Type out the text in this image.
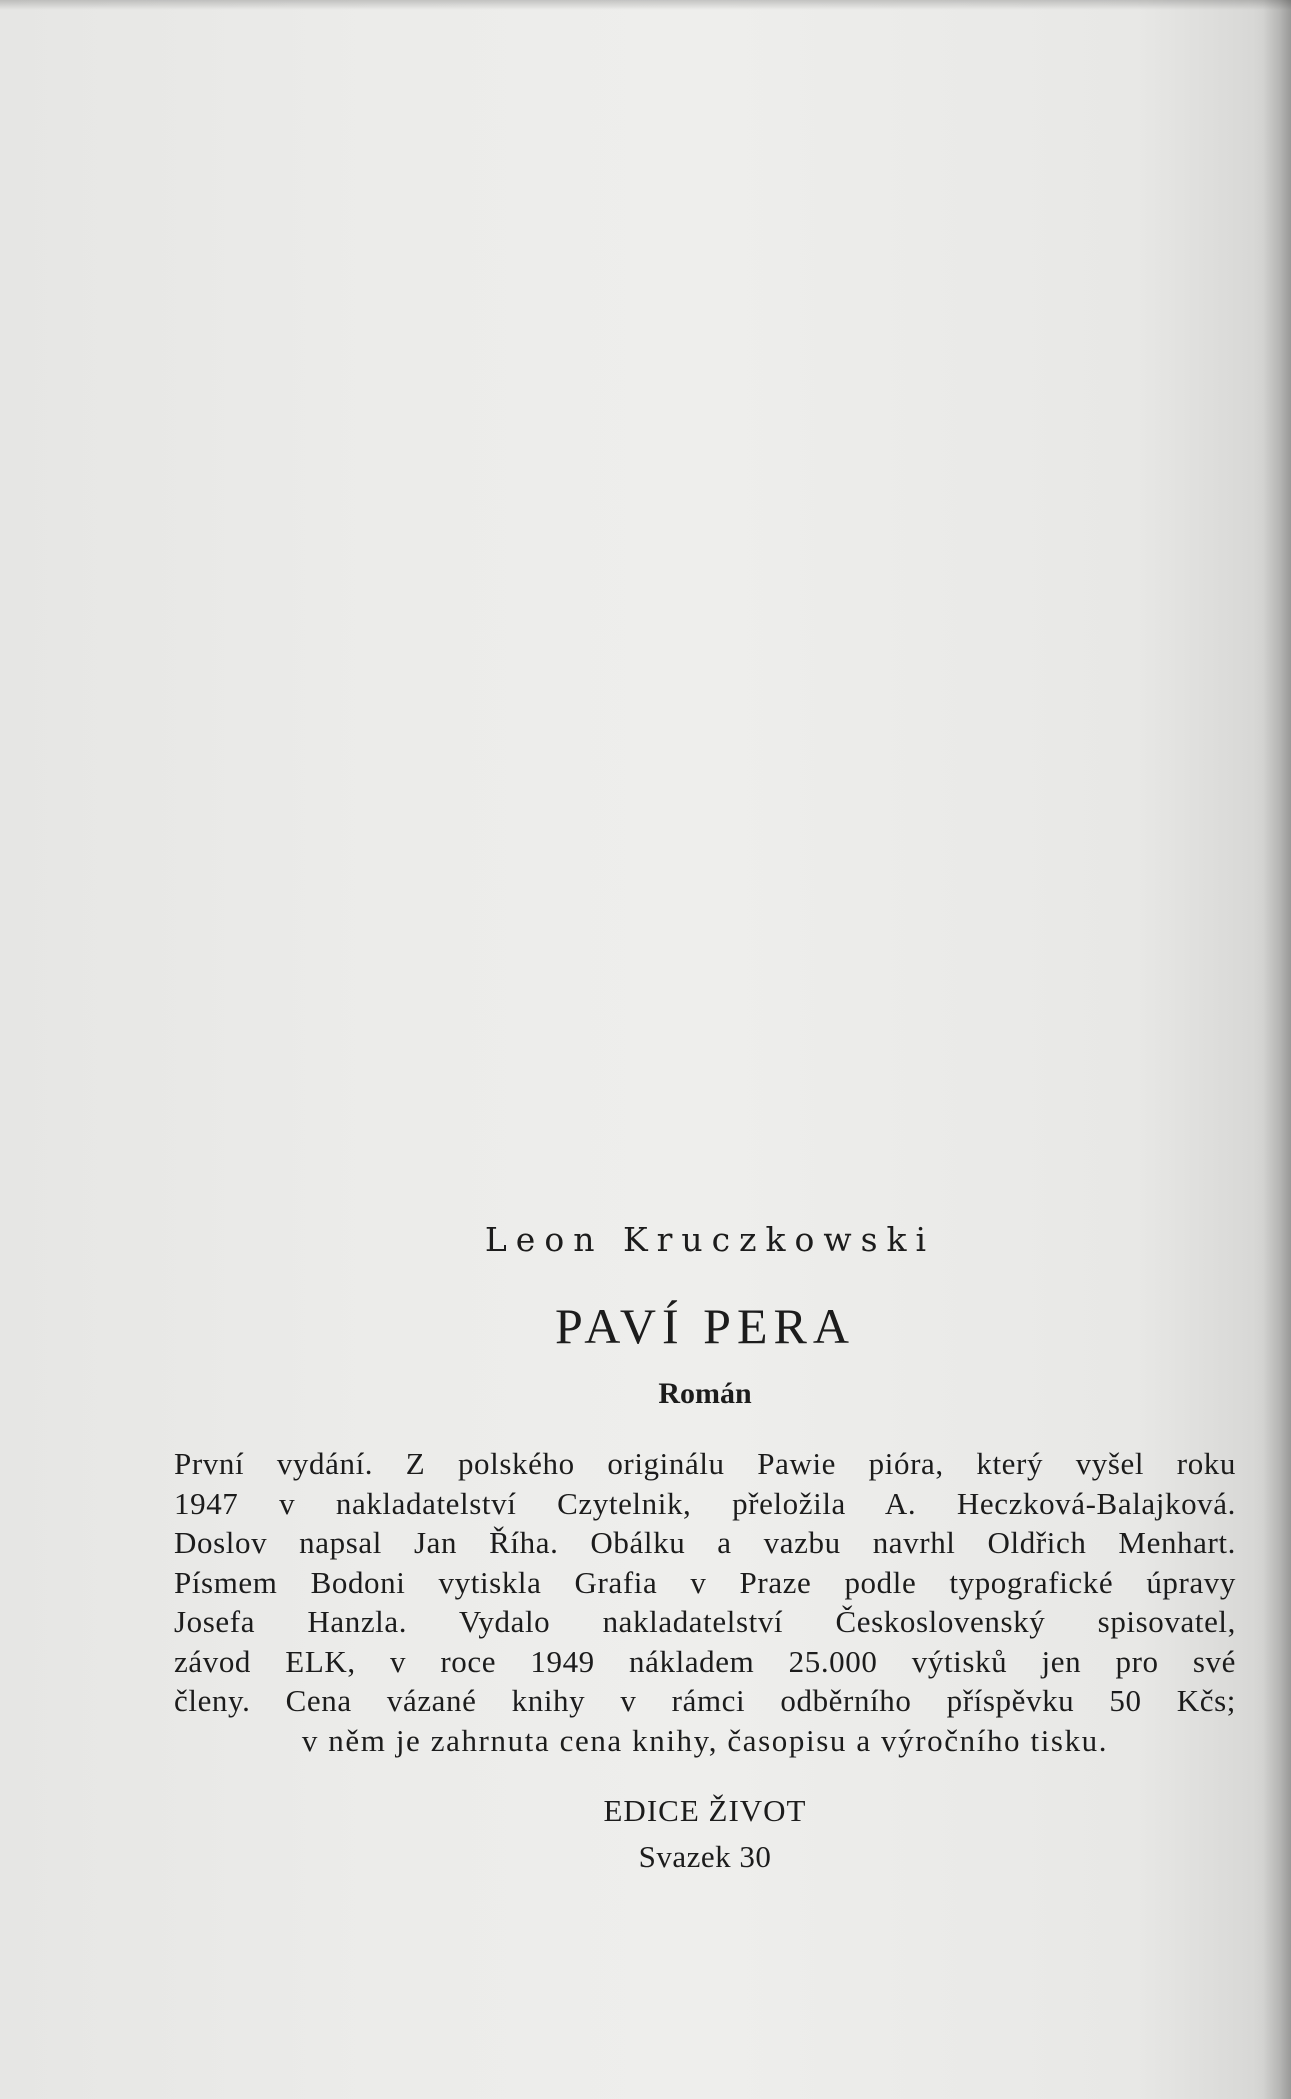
Leon Kruczkowski
PAVÍ PERA
Román
První vydání. Z polského originálu Pawie pióra, který vyšel roku
1947 v nakladatelství Czytelnik, přeložila A. Heczková-Balajková.
Doslov napsal Jan Říha. Obálku a vazbu navrhl Oldřich Menhart.
Písmem Bodoni vytiskla Grafia v Praze podle typografické úpravy
Josefa Hanzla. Vydalo nakladatelství Československý spisovatel,
závod ELK, v roce 1949 nákladem 25.000 výtisků jen pro své
členy. Cena vázané knihy v rámci odběrního příspěvku 50 Kčs;
v něm je zahrnuta cena knihy, časopisu a výročního tisku.
EDICE ŽIVOT
Svazek 30
